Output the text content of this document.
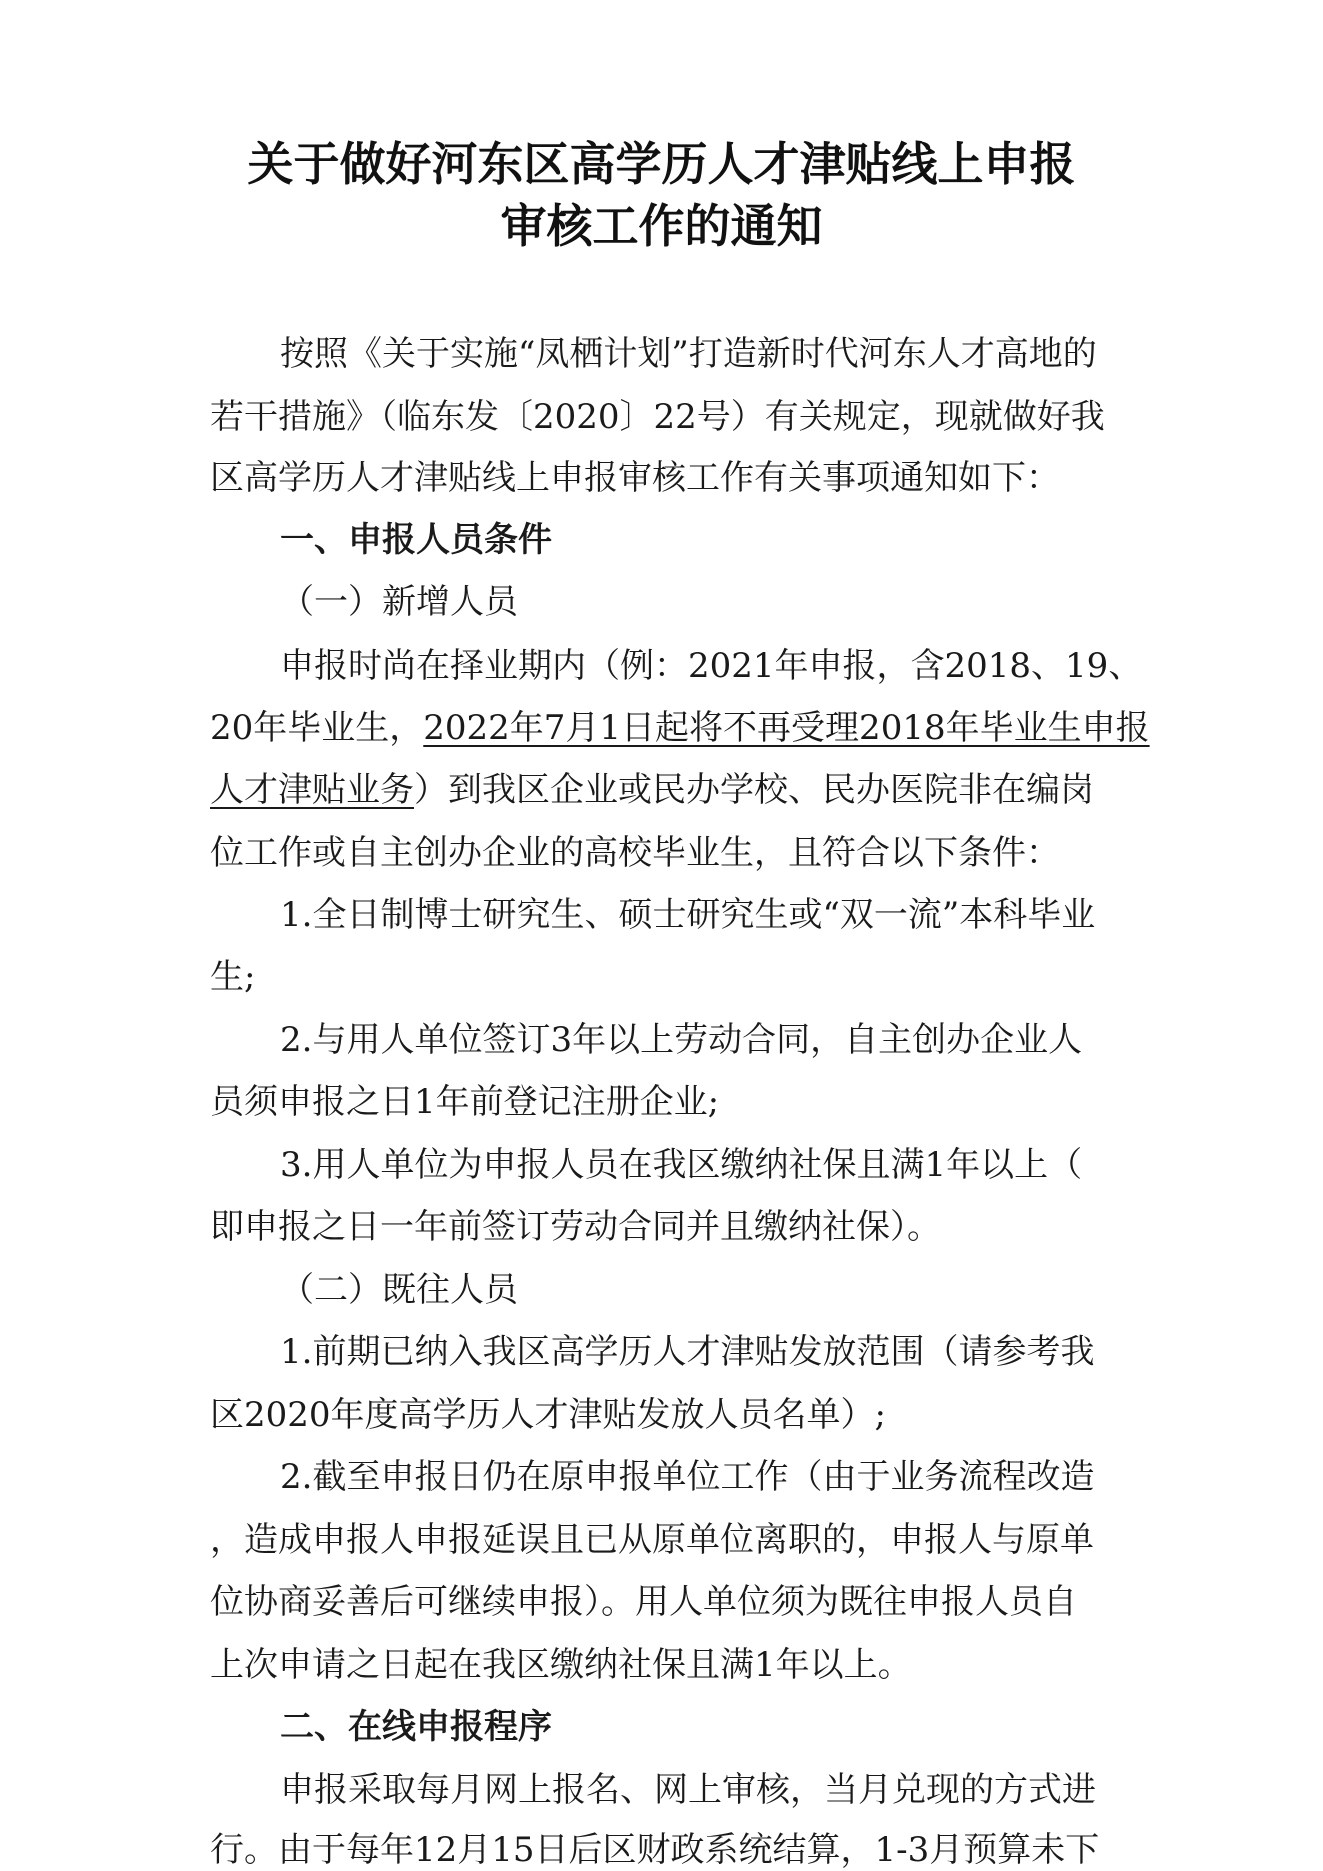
关于做好河东区高学历人才津贴线上申报
审核工作的通知
按照《关于实施“凤栖计划”打造新时代河东人才高地的
若干措施》（临东发〔2020〕22号）有关规定，现就做好我
区高学历人才津贴线上申报审核工作有关事项通知如下：
一、申报人员条件
（一）新增人员
申报时尚在择业期内（例：2021年申报，含2018、19、
20年毕业生，2022年7月1日起将不再受理2018年毕业生申报
人才津贴业务）到我区企业或民办学校、民办医院非在编岗
位工作或自主创办企业的高校毕业生，且符合以下条件：
1.全日制博士研究生、硕士研究生或“双一流”本科毕业
生;
2.与用人单位签订3年以上劳动合同，自主创办企业人
员须申报之日1年前登记注册企业;
3.用人单位为申报人员在我区缴纳社保且满1年以上（
即申报之日一年前签订劳动合同并且缴纳社保）。
（二）既往人员
1.前期已纳入我区高学历人才津贴发放范围（请参考我
区2020年度高学历人才津贴发放人员名单）;
2.截至申报日仍在原申报单位工作（由于业务流程改造
，造成申报人申报延误且已从原单位离职的，申报人与原单
位协商妥善后可继续申报）。用人单位须为既往申报人员自
上次申请之日起在我区缴纳社保且满1年以上。
二、在线申报程序
申报采取每月网上报名、网上审核，当月兑现的方式进
行。由于每年12月15日后区财政系统结算，1-3月预算未下
